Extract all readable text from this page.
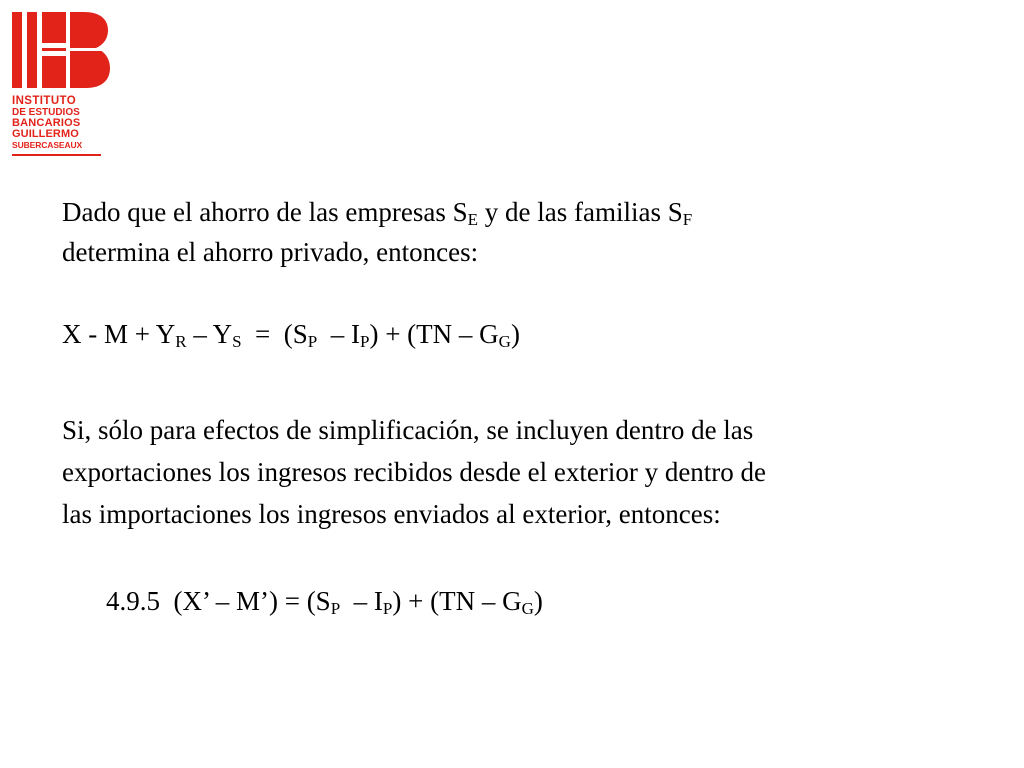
INSTITUTO
DE ESTUDIOS
BANCARIOS
GUILLERMO
SUBERCASEAUX
Dado que el ahorro de las empresas $S_E$ y de las familias $S_F$
determina el ahorro privado, entonces:
$X - M + Y_R - Y_S = (S_P - I_P) + (TN - G_G)$
Si, sólo para efectos de simplificación, se incluyen dentro de las
exportaciones los ingresos recibidos desde el exterior y dentro de
las importaciones los ingresos enviados al exterior, entonces:
4.9.5  (X’ – M’) = $(S_P - I_P) + (TN - G_G)$
